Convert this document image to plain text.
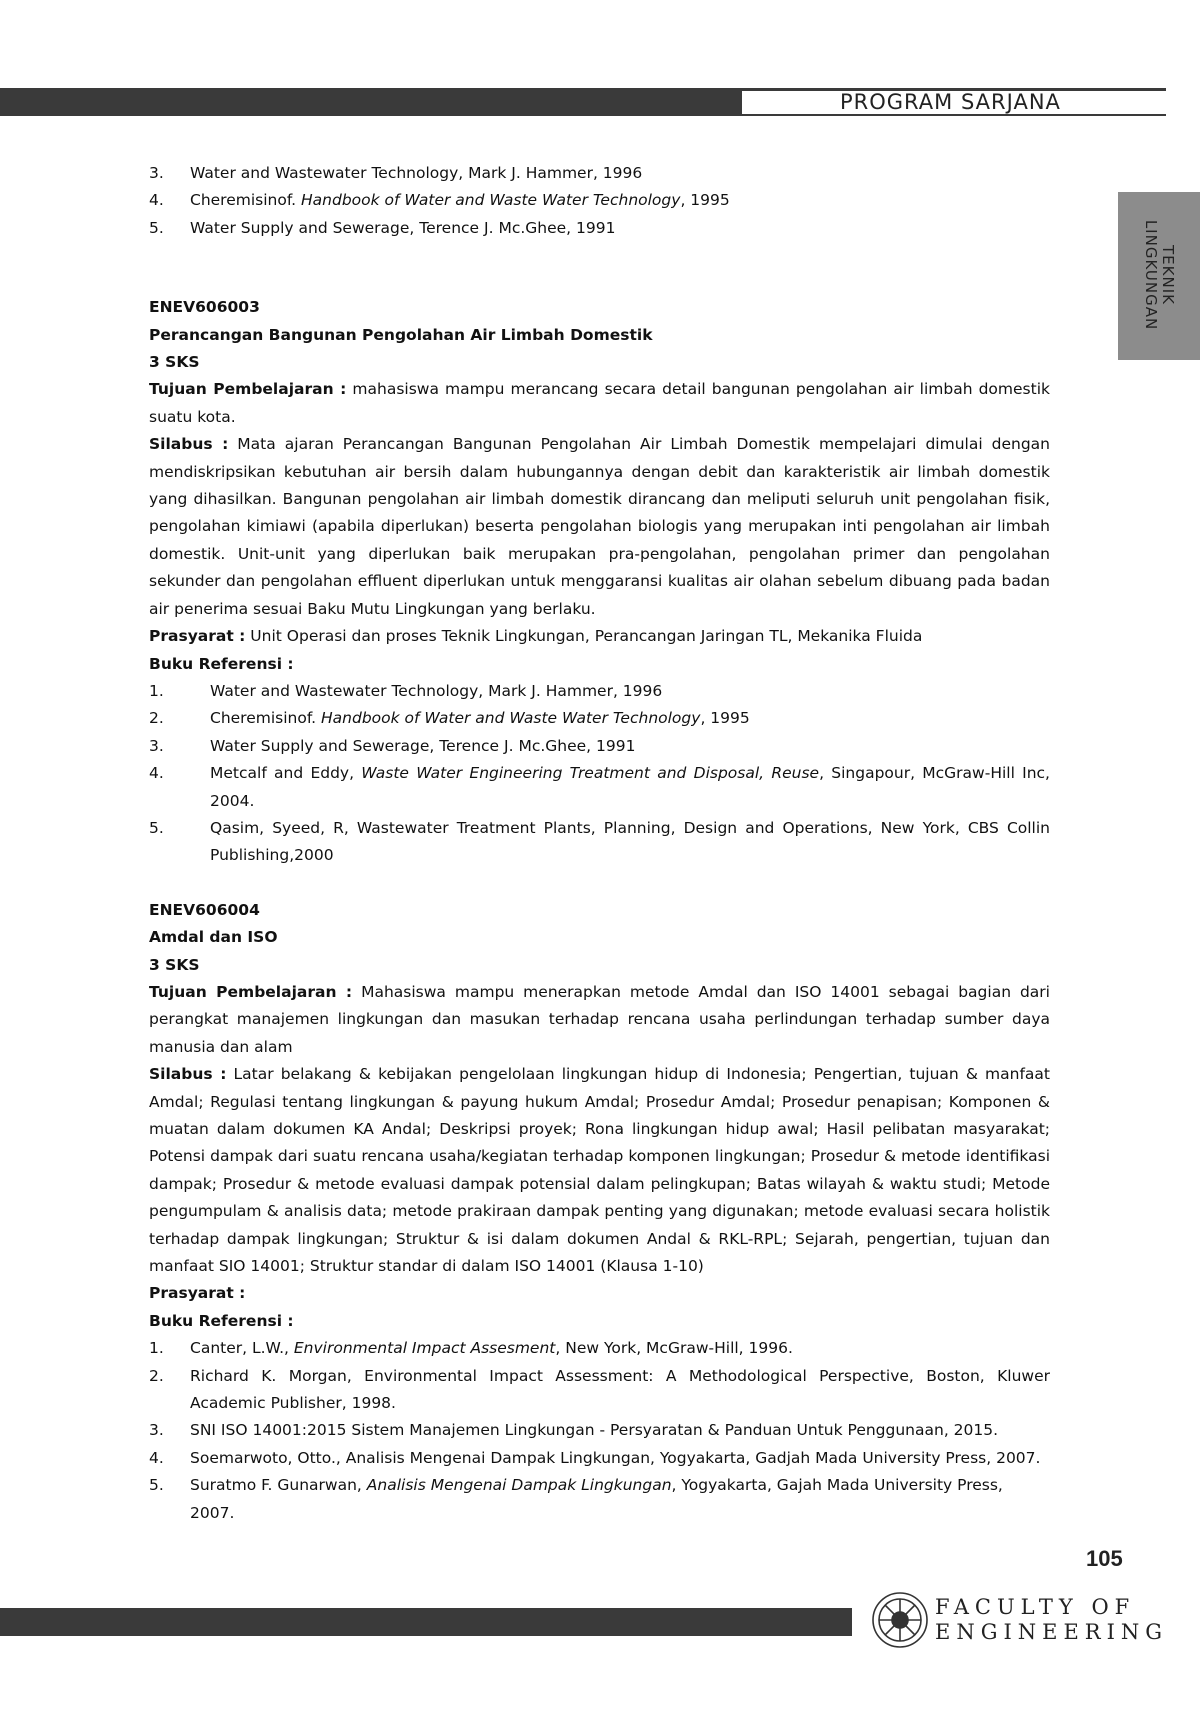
PROGRAM SARJANA
TEKNIK
LINGKUNGAN
3.	Water and Wastewater Technology, Mark J. Hammer, 1996
4.	Cheremisinof. Handbook of Water and Waste Water Technology, 1995
5.	Water Supply and Sewerage, Terence J. Mc.Ghee, 1991

ENEV606003

Perancangan Bangunan Pengolahan Air Limbah Domestik

3 SKS

Tujuan Pembelajaran : mahasiswa mampu merancang secara detail bangunan pengolahan air limbah domestik suatu kota.

Silabus : Mata ajaran Perancangan Bangunan Pengolahan Air Limbah Domestik mempelajari dimulai dengan mendiskripsikan kebutuhan air bersih dalam hubungannya dengan debit dan karakteristik air limbah domestik yang dihasilkan. Bangunan pengolahan air limbah domestik dirancang dan meliputi seluruh unit pengolahan fisik, pengolahan kimiawi (apabila diperlukan) beserta pengolahan biologis yang merupakan inti pengolahan air limbah domestik. Unit-unit yang diperlukan baik merupakan pra-pengolahan, pengolahan primer dan pengolahan sekunder dan pengolahan effluent diperlukan untuk menggaransi kualitas air olahan sebelum dibuang pada badan air penerima sesuai Baku Mutu Lingkungan yang berlaku.

Prasyarat : Unit Operasi dan proses Teknik Lingkungan, Perancangan Jaringan TL, Mekanika Fluida

Buku Referensi :

1.	Water and Wastewater Technology, Mark J. Hammer, 1996
2.	Cheremisinof. Handbook of Water and Waste Water Technology, 1995
3.	Water Supply and Sewerage, Terence J. Mc.Ghee, 1991
4.	Metcalf and Eddy, Waste Water Engineering Treatment and Disposal, Reuse, Singapour, McGraw-Hill Inc, 2004.
5.	Qasim, Syeed, R, Wastewater Treatment Plants, Planning, Design and Operations, New York, CBS Collin Publishing,2000

ENEV606004

Amdal dan ISO

3 SKS

Tujuan Pembelajaran : Mahasiswa mampu menerapkan metode Amdal dan ISO 14001 sebagai bagian dari perangkat manajemen lingkungan dan masukan terhadap rencana usaha perlindungan terhadap sumber daya manusia dan alam

Silabus : Latar belakang & kebijakan pengelolaan lingkungan hidup di Indonesia; Pengertian, tujuan & manfaat Amdal; Regulasi tentang lingkungan & payung hukum Amdal; Prosedur Amdal; Prosedur penapisan; Komponen & muatan dalam dokumen KA Andal; Deskripsi proyek; Rona lingkungan hidup awal; Hasil pelibatan masyarakat; Potensi dampak dari suatu rencana usaha/kegiatan terhadap komponen lingkungan; Prosedur & metode identifikasi dampak; Prosedur & metode evaluasi dampak potensial dalam pelingkupan; Batas wilayah & waktu studi; Metode pengumpulam & analisis data; metode prakiraan dampak penting yang digunakan; metode evaluasi secara holistik terhadap dampak lingkungan; Struktur & isi dalam dokumen Andal & RKL-RPL; Sejarah, pengertian, tujuan dan manfaat SIO 14001; Struktur standar di dalam ISO 14001 (Klausa 1-10)

Prasyarat :

Buku Referensi :

1.	Canter, L.W., Environmental Impact Assesment, New York, McGraw-Hill, 1996.
2.	Richard K. Morgan, Environmental Impact Assessment: A Methodological Perspective, Boston, Kluwer Academic Publisher, 1998.
3.	SNI ISO 14001:2015 Sistem Manajemen Lingkungan - Persyaratan & Panduan Untuk Penggunaan, 2015.
4.	Soemarwoto, Otto., Analisis Mengenai Dampak Lingkungan, Yogyakarta, Gadjah Mada University Press, 2007.
5.	Suratmo F. Gunarwan, Analisis Mengenai Dampak Lingkungan, Yogyakarta, Gajah Mada University Press, 2007.
105
FACULTY OF
ENGINEERING
